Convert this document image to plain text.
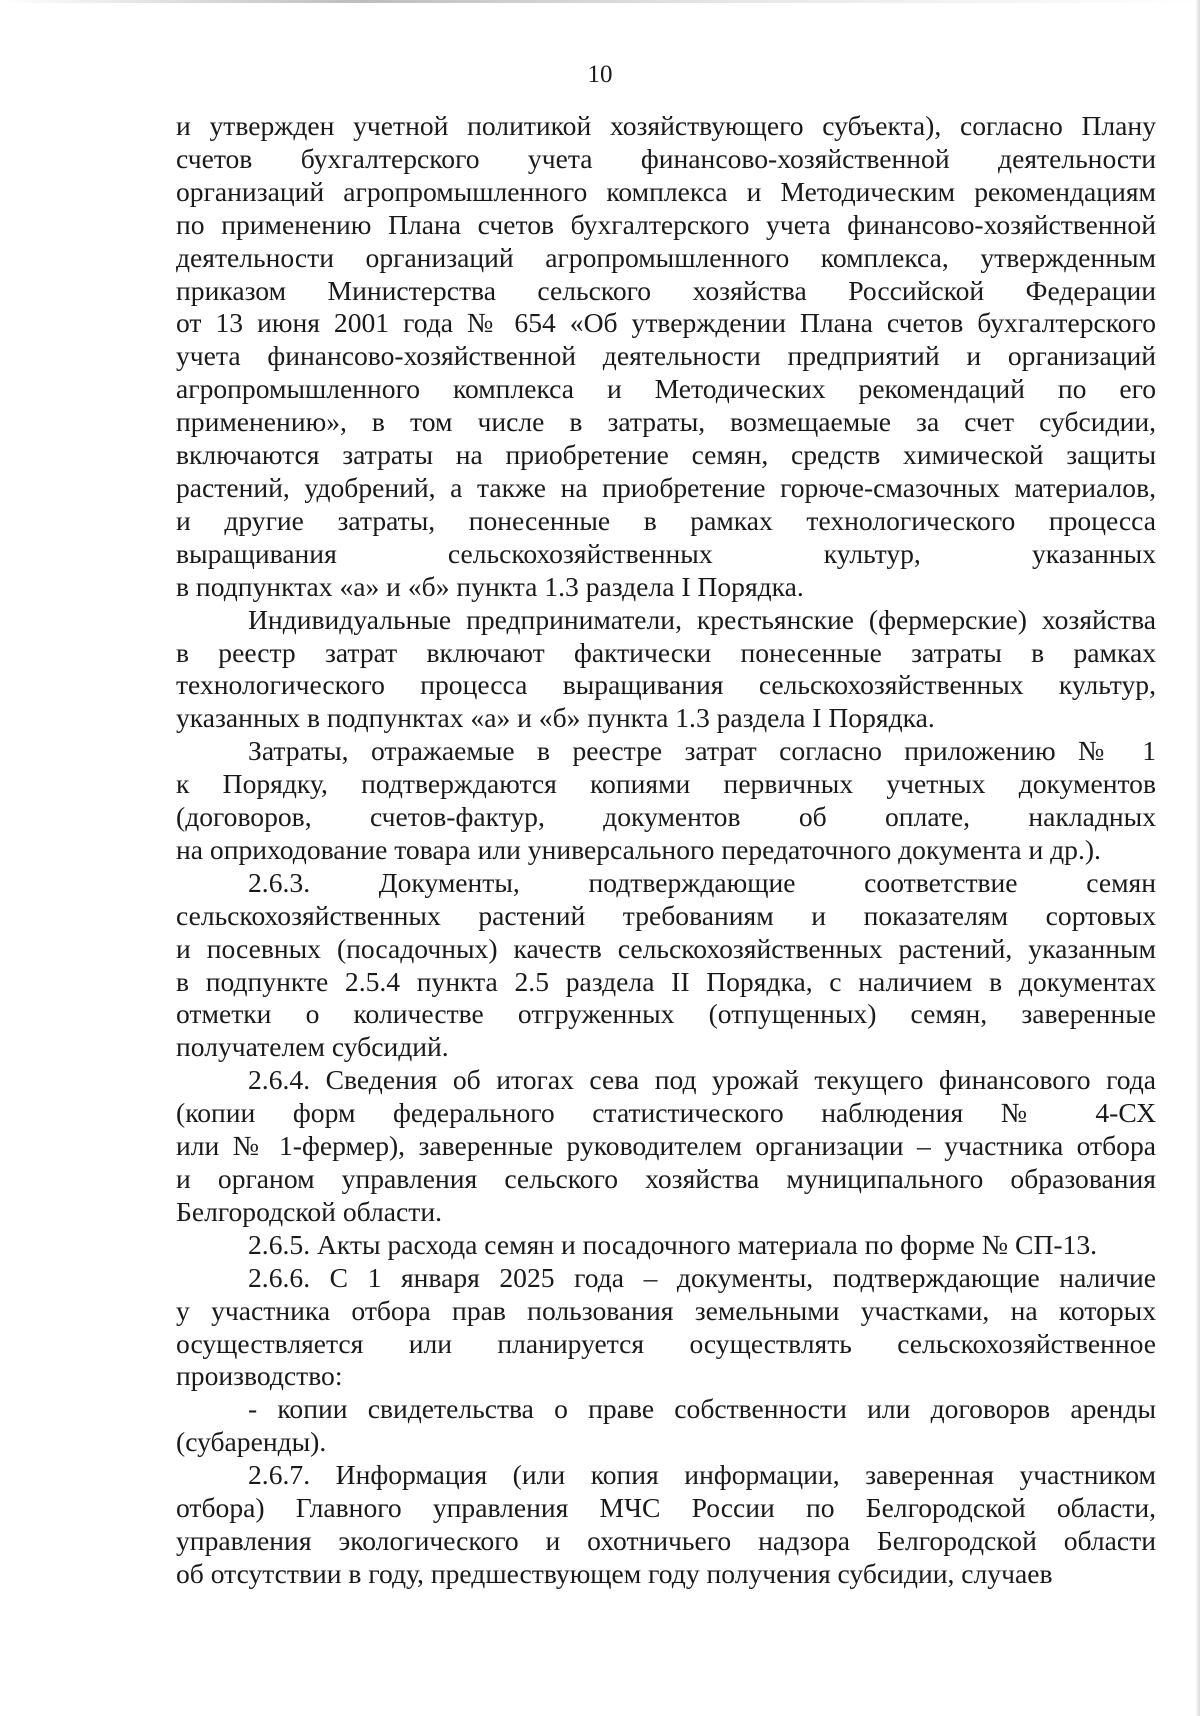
10
и утвержден учетной политикой хозяйствующего субъекта), согласно Плану
счетов бухгалтерского учета финансово-хозяйственной деятельности
организаций агропромышленного комплекса и Методическим рекомендациям
по применению Плана счетов бухгалтерского учета финансово-хозяйственной
деятельности организаций агропромышленного комплекса, утвержденным
приказом Министерства сельского хозяйства Российской Федерации
от 13 июня 2001 года № 654 «Об утверждении Плана счетов бухгалтерского
учета финансово-хозяйственной деятельности предприятий и организаций
агропромышленного комплекса и Методических рекомендаций по его
применению», в том числе в затраты, возмещаемые за счет субсидии,
включаются затраты на приобретение семян, средств химической защиты
растений, удобрений, а также на приобретение горюче-смазочных материалов,
и другие затраты, понесенные в рамках технологического процесса
выращивания сельскохозяйственных культур, указанных
в подпунктах «а» и «б» пункта 1.3 раздела I Порядка.
Индивидуальные предприниматели, крестьянские (фермерские) хозяйства
в реестр затрат включают фактически понесенные затраты в рамках
технологического процесса выращивания сельскохозяйственных культур,
указанных в подпунктах «а» и «б» пункта 1.3 раздела I Порядка.
Затраты, отражаемые в реестре затрат согласно приложению № 1
к Порядку, подтверждаются копиями первичных учетных документов
(договоров, счетов-фактур, документов об оплате, накладных
на оприходование товара или универсального передаточного документа и др.).
2.6.3. Документы, подтверждающие соответствие семян
сельскохозяйственных растений требованиям и показателям сортовых
и посевных (посадочных) качеств сельскохозяйственных растений, указанным
в подпункте 2.5.4 пункта 2.5 раздела II Порядка, с наличием в документах
отметки о количестве отгруженных (отпущенных) семян, заверенные
получателем субсидий.
2.6.4. Сведения об итогах сева под урожай текущего финансового года
(копии форм федерального статистического наблюдения № 4-СХ
или № 1-фермер), заверенные руководителем организации – участника отбора
и органом управления сельского хозяйства муниципального образования
Белгородской области.
2.6.5. Акты расхода семян и посадочного материала по форме № СП-13.
2.6.6. С 1 января 2025 года – документы, подтверждающие наличие
у участника отбора прав пользования земельными участками, на которых
осуществляется или планируется осуществлять сельскохозяйственное
производство:
- копии свидетельства о праве собственности или договоров аренды
(субаренды).
2.6.7. Информация (или копия информации, заверенная участником
отбора) Главного управления МЧС России по Белгородской области,
управления экологического и охотничьего надзора Белгородской области
об отсутствии в году, предшествующем году получения субсидии, случаев
